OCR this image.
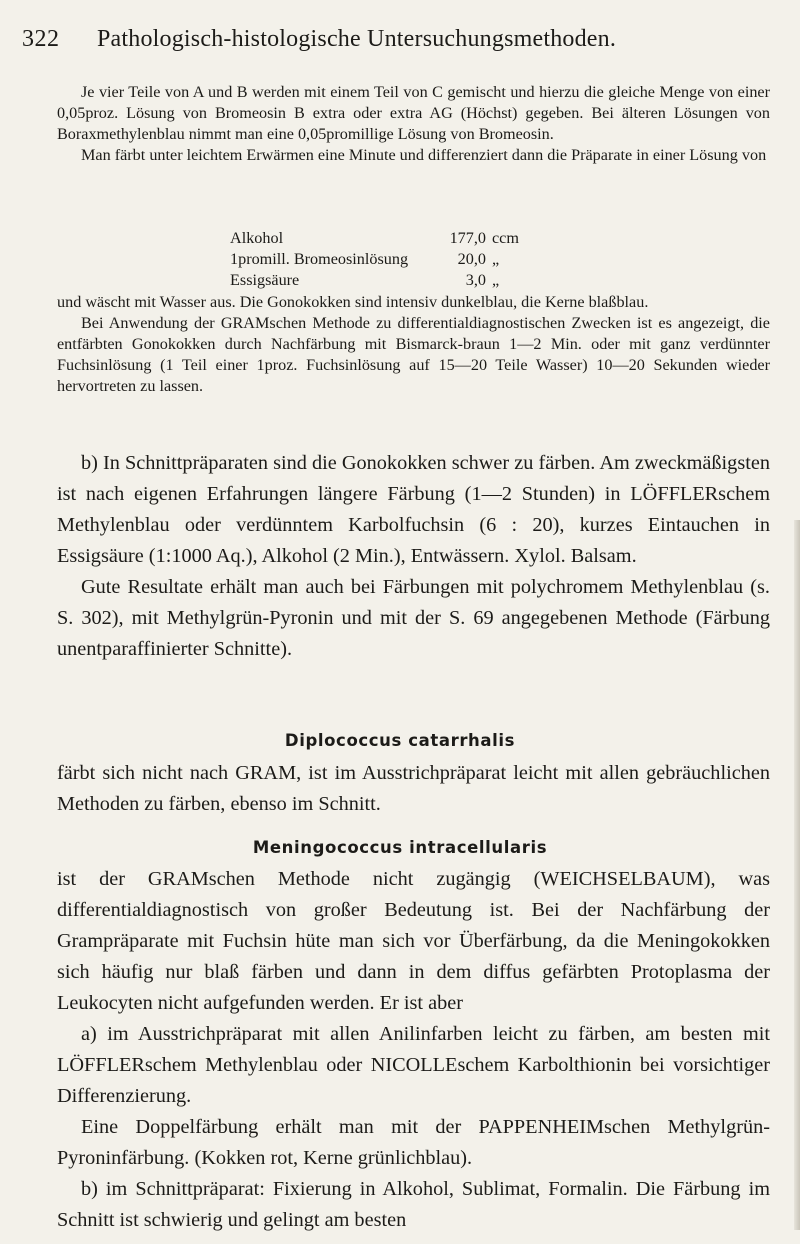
322 Pathologisch-histologische Untersuchungsmethoden.

Je vier Teile von A und B werden mit einem Teil von C gemischt und hierzu die gleiche Menge von einer 0,05proz. Lösung von Bromeosin B extra oder extra AG (Höchst) gegeben. Bei älteren Lösungen von Boraxmethylenblau nimmt man eine 0,05promillige Lösung von Bromeosin.

Man färbt unter leichtem Erwärmen eine Minute und differenziert dann die Präparate in einer Lösung von

Alkohol	177,0 ccm
1promill. Bromeosinlösung	20,0 „
Essigsäure	3,0 „

und wäscht mit Wasser aus. Die Gonokokken sind intensiv dunkelblau, die Kerne blaßblau.

Bei Anwendung der GRAMschen Methode zu differentialdiagnostischen Zwecken ist es angezeigt, die entfärbten Gonokokken durch Nachfärbung mit Bismarck-braun 1—2 Min. oder mit ganz verdünnter Fuchsinlösung (1 Teil einer 1proz. Fuchsinlösung auf 15—20 Teile Wasser) 10—20 Sekunden wieder hervortreten zu lassen.

b) In Schnittpräparaten sind die Gonokokken schwer zu färben. Am zweckmäßigsten ist nach eigenen Erfahrungen längere Färbung (1—2 Stunden) in LÖFFLERschem Methylenblau oder verdünntem Karbolfuchsin (6 : 20), kurzes Eintauchen in Essigsäure (1:1000 Aq.), Alkohol (2 Min.), Entwässern. Xylol. Balsam.

Gute Resultate erhält man auch bei Färbungen mit polychromem Methylenblau (s. S. 302), mit Methylgrün-Pyronin und mit der S. 69 angegebenen Methode (Färbung unentparaffinierter Schnitte).

Diplococcus catarrhalis

färbt sich nicht nach GRAM, ist im Ausstrichpräparat leicht mit allen gebräuchlichen Methoden zu färben, ebenso im Schnitt.

Meningococcus intracellularis

ist der GRAMschen Methode nicht zugängig (WEICHSELBAUM), was differentialdiagnostisch von großer Bedeutung ist. Bei der Nachfärbung der Grampräparate mit Fuchsin hüte man sich vor Überfärbung, da die Meningokokken sich häufig nur blaß färben und dann in dem diffus gefärbten Protoplasma der Leukocyten nicht aufgefunden werden. Er ist aber

a) im Ausstrichpräparat mit allen Anilinfarben leicht zu färben, am besten mit LÖFFLERschem Methylenblau oder NICOLLEschem Karbolthionin bei vorsichtiger Differenzierung.

Eine Doppelfärbung erhält man mit der PAPPENHEIMschen Methylgrün-Pyroninfärbung. (Kokken rot, Kerne grünlichblau).

b) im Schnittpräparat: Fixierung in Alkohol, Sublimat, Formalin. Die Färbung im Schnitt ist schwierig und gelingt am besten
